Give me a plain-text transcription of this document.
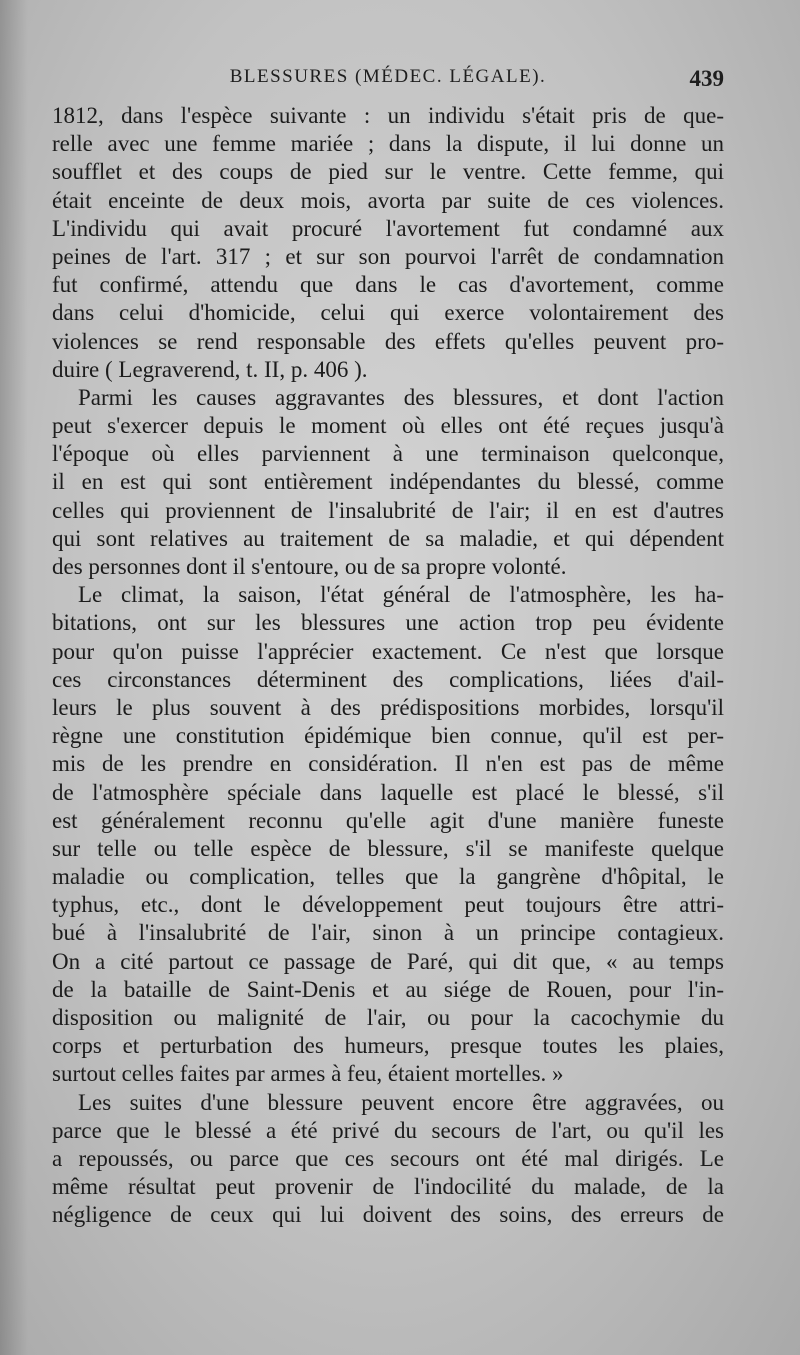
BLESSURES (MÉDEC. LÉGALE).	439
1812, dans l'espèce suivante : un individu s'était pris de que-
relle avec une femme mariée ; dans la dispute, il lui donne un
soufflet et des coups de pied sur le ventre. Cette femme, qui
était enceinte de deux mois, avorta par suite de ces violences.
L'individu qui avait procuré l'avortement fut condamné aux
peines de l'art. 317 ; et sur son pourvoi l'arrêt de condamnation
fut confirmé, attendu que dans le cas d'avortement, comme
dans celui d'homicide, celui qui exerce volontairement des
violences se rend responsable des effets qu'elles peuvent pro-
duire ( Legraverend, t. II, p. 406 ).
Parmi les causes aggravantes des blessures, et dont l'action
peut s'exercer depuis le moment où elles ont été reçues jusqu'à
l'époque où elles parviennent à une terminaison quelconque,
il en est qui sont entièrement indépendantes du blessé, comme
celles qui proviennent de l'insalubrité de l'air; il en est d'autres
qui sont relatives au traitement de sa maladie, et qui dépendent
des personnes dont il s'entoure, ou de sa propre volonté.
Le climat, la saison, l'état général de l'atmosphère, les ha-
bitations, ont sur les blessures une action trop peu évidente
pour qu'on puisse l'apprécier exactement. Ce n'est que lorsque
ces circonstances déterminent des complications, liées d'ail-
leurs le plus souvent à des prédispositions morbides, lorsqu'il
règne une constitution épidémique bien connue, qu'il est per-
mis de les prendre en considération. Il n'en est pas de même
de l'atmosphère spéciale dans laquelle est placé le blessé, s'il
est généralement reconnu qu'elle agit d'une manière funeste
sur telle ou telle espèce de blessure, s'il se manifeste quelque
maladie ou complication, telles que la gangrène d'hôpital, le
typhus, etc., dont le développement peut toujours être attri-
bué à l'insalubrité de l'air, sinon à un principe contagieux.
On a cité partout ce passage de Paré, qui dit que, « au temps
de la bataille de Saint-Denis et au siége de Rouen, pour l'in-
disposition ou malignité de l'air, ou pour la cacochymie du
corps et perturbation des humeurs, presque toutes les plaies,
surtout celles faites par armes à feu, étaient mortelles. »
Les suites d'une blessure peuvent encore être aggravées, ou
parce que le blessé a été privé du secours de l'art, ou qu'il les
a repoussés, ou parce que ces secours ont été mal dirigés. Le
même résultat peut provenir de l'indocilité du malade, de la
négligence de ceux qui lui doivent des soins, des erreurs de
